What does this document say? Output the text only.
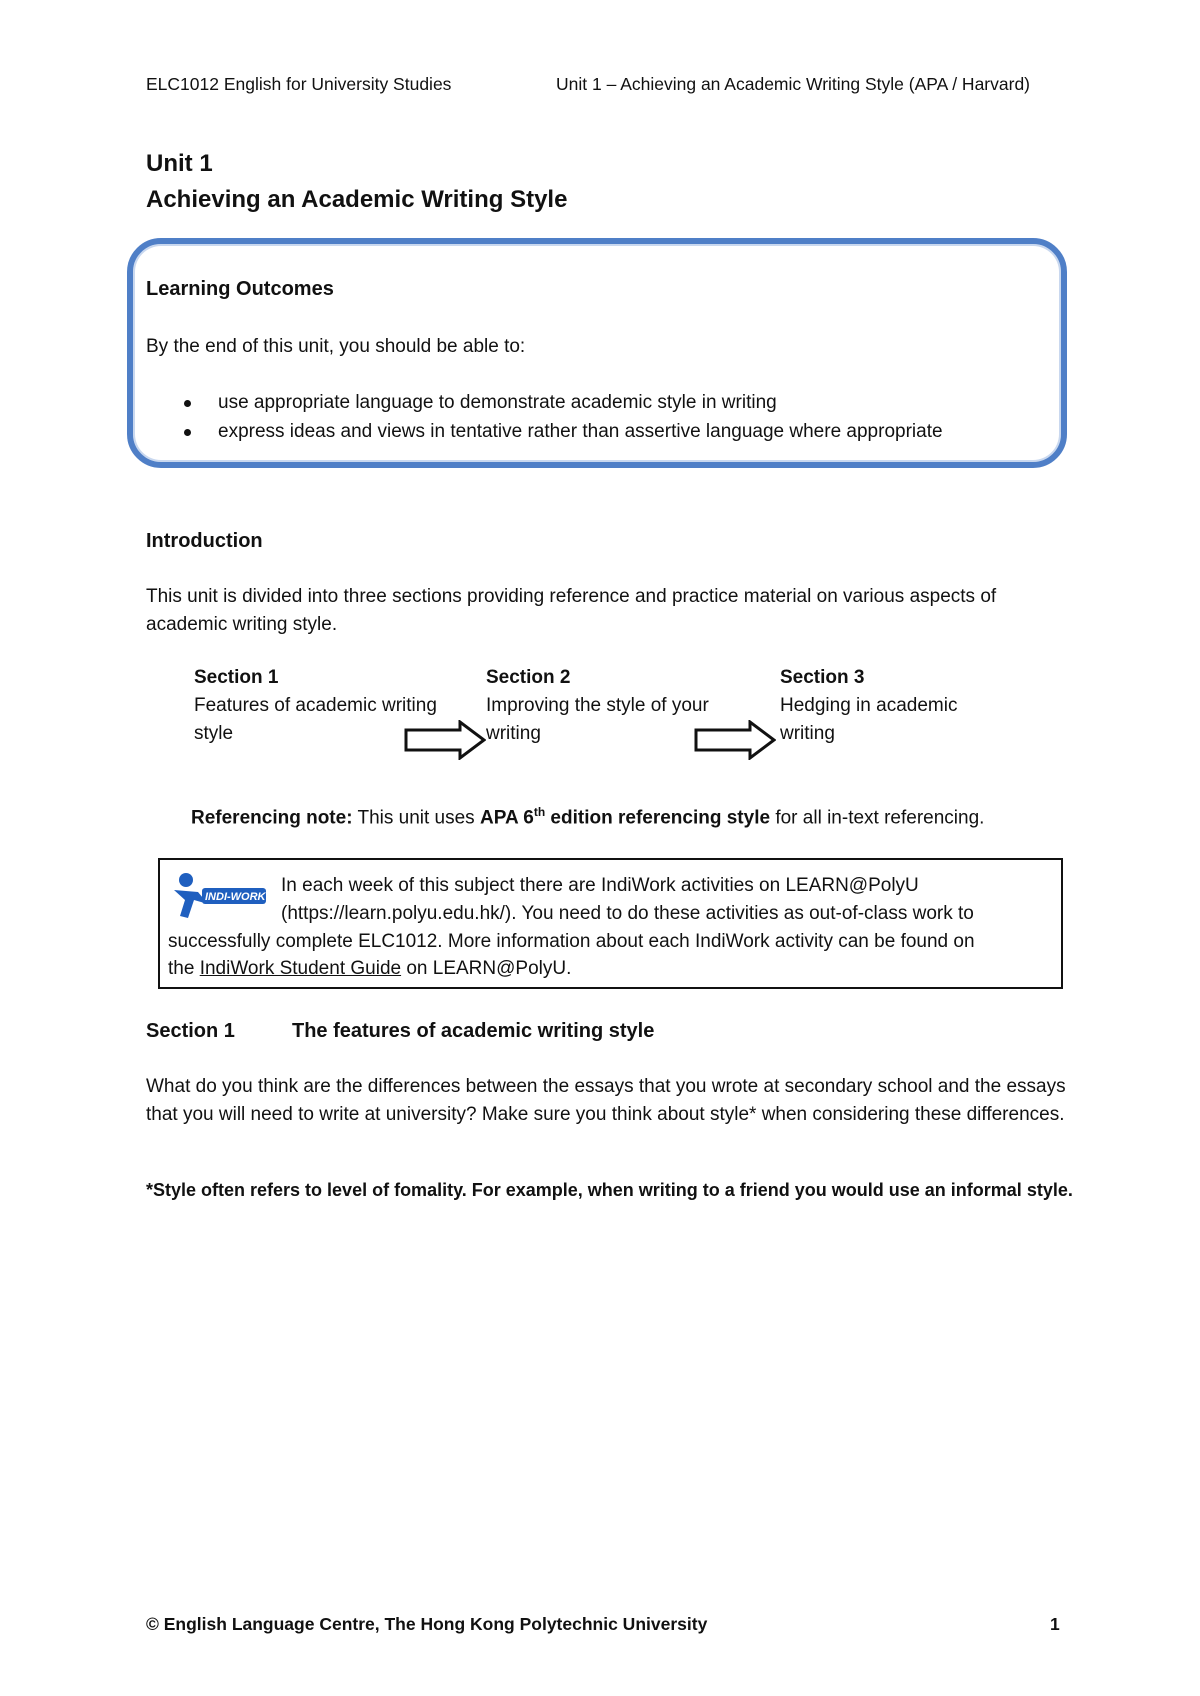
ELC1012 English for University Studies	Unit 1 – Achieving an Academic Writing Style (APA / Harvard)
Unit 1
Achieving an Academic Writing Style
Learning Outcomes
By the end of this unit, you should be able to:
use appropriate language to demonstrate academic style in writing
express ideas and views in tentative rather than assertive language where appropriate
Introduction
This unit is divided into three sections providing reference and practice material on various aspects of academic writing style.
Section 1
Features of academic writing style
Section 2
Improving the style of your writing
Section 3
Hedging in academic writing
Referencing note: This unit uses APA 6th edition referencing style for all in-text referencing.
INDI-WORK
In each week of this subject there are IndiWork activities on LEARN@PolyU
(https://learn.polyu.edu.hk/). You need to do these activities as out-of-class work to
successfully complete ELC1012. More information about each IndiWork activity can be found on
the IndiWork Student Guide on LEARN@PolyU.
Section 1	The features of academic writing style
What do you think are the differences between the essays that you wrote at secondary school and the essays that you will need to write at university? Make sure you think about style* when considering these differences.
*Style often refers to level of fomality. For example, when writing to a friend you would use an informal style.
© English Language Centre, The Hong Kong Polytechnic University	1
